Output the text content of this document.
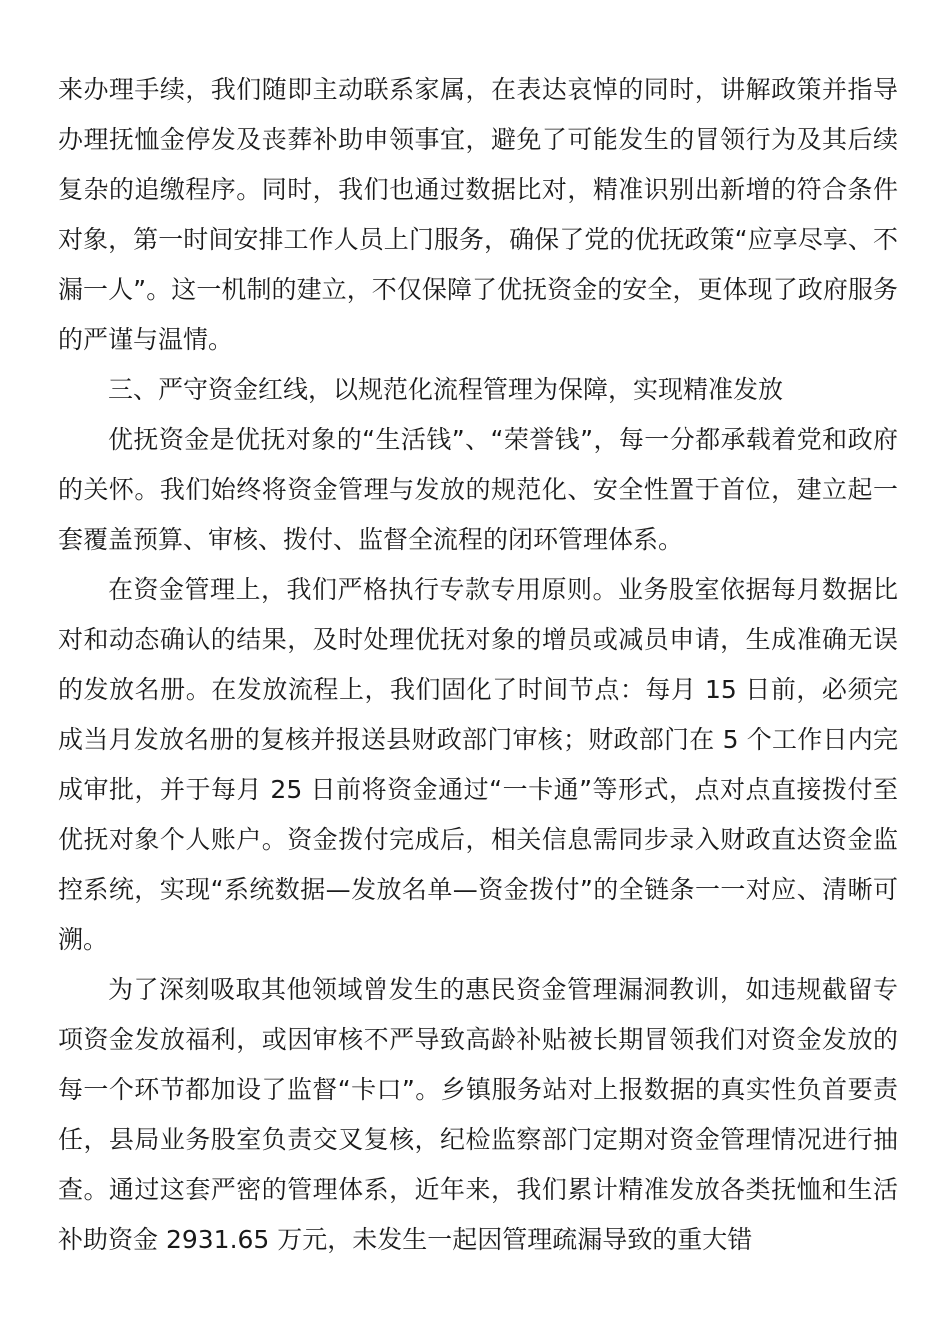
来办理手续，我们随即主动联系家属，在表达哀悼的同时，讲解政策并指导办理抚恤金停发及丧葬补助申领事宜，避免了可能发生的冒领行为及其后续复杂的追缴程序。同时，我们也通过数据比对，精准识别出新增的符合条件对象，第一时间安排工作人员上门服务，确保了党的优抚政策“应享尽享、不漏一人”。这一机制的建立，不仅保障了优抚资金的安全，更体现了政府服务的严谨与温情。

三、严守资金红线，以规范化流程管理为保障，实现精准发放

优抚资金是优抚对象的“生活钱”、“荣誉钱”，每一分都承载着党和政府的关怀。我们始终将资金管理与发放的规范化、安全性置于首位，建立起一套覆盖预算、审核、拨付、监督全流程的闭环管理体系。

在资金管理上，我们严格执行专款专用原则。业务股室依据每月数据比对和动态确认的结果，及时处理优抚对象的增员或减员申请，生成准确无误的发放名册。在发放流程上，我们固化了时间节点：每月 15 日前，必须完成当月发放名册的复核并报送县财政部门审核；财政部门在 5 个工作日内完成审批，并于每月 25 日前将资金通过“一卡通”等形式，点对点直接拨付至优抚对象个人账户。资金拨付完成后，相关信息需同步录入财政直达资金监控系统，实现“系统数据—发放名单—资金拨付”的全链条一一对应、清晰可溯。

为了深刻吸取其他领域曾发生的惠民资金管理漏洞教训，如违规截留专项资金发放福利，或因审核不严导致高龄补贴被长期冒领我们对资金发放的每一个环节都加设了监督“卡口”。乡镇服务站对上报数据的真实性负首要责任，县局业务股室负责交叉复核，纪检监察部门定期对资金管理情况进行抽查。通过这套严密的管理体系，近年来，我们累计精准发放各类抚恤和生活补助资金 2931.65 万元，未发生一起因管理疏漏导致的重大错
